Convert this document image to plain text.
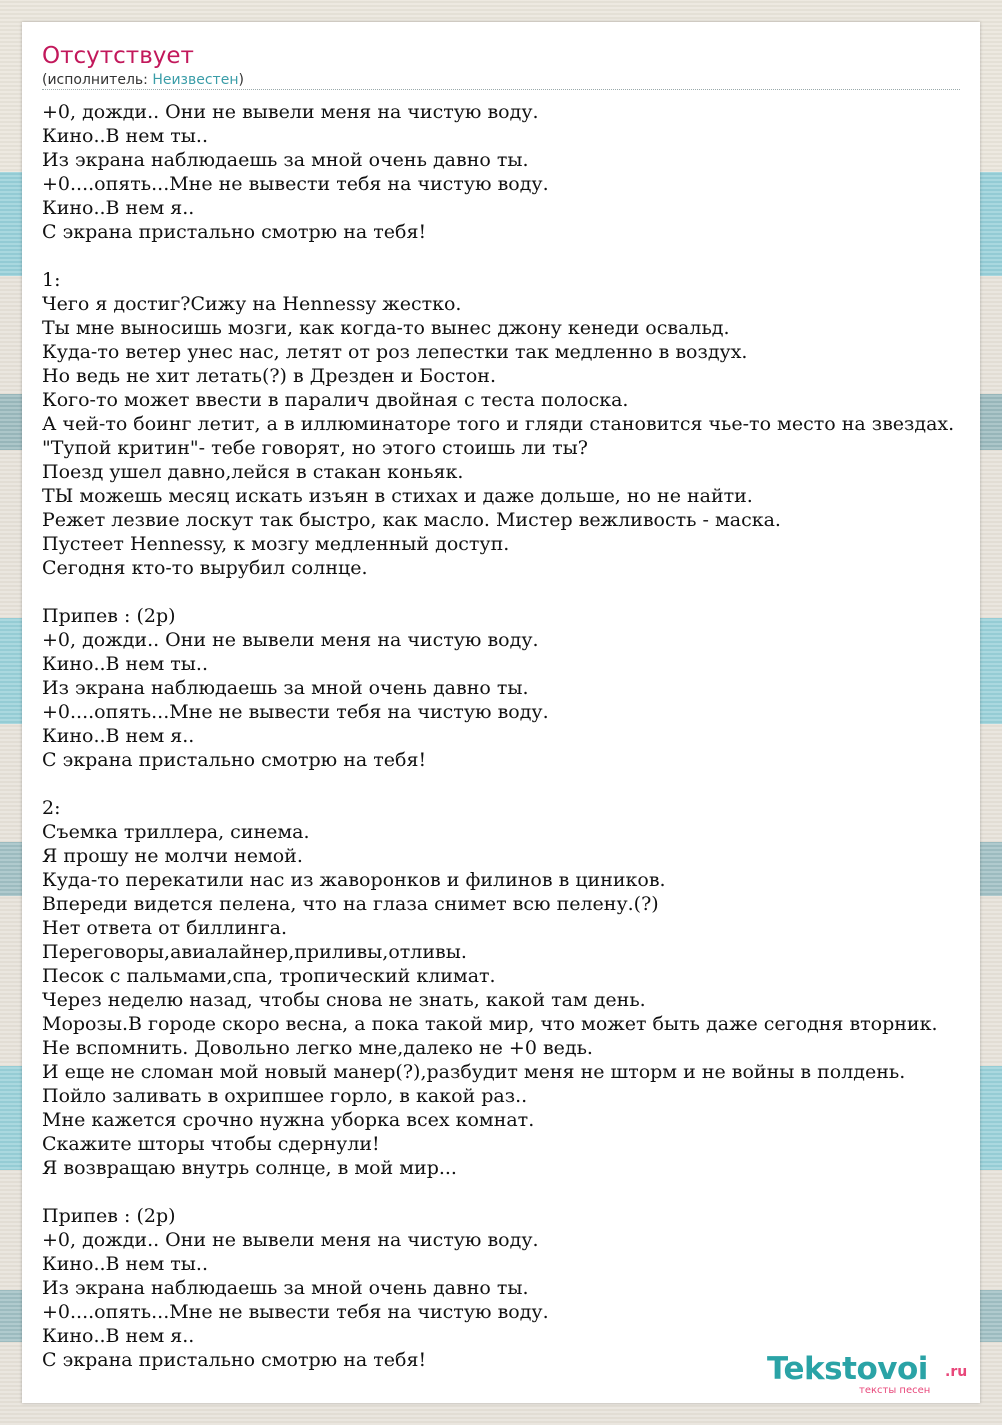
Отсутствует
(исполнитель: Неизвестен)
+0, дожди.. Они не вывели меня на чистую воду.
Кино..В нем ты..
Из экрана наблюдаешь за мной очень давно ты.
+0....опять...Мне не вывести тебя на чистую воду.
Кино..В нем я..
С экрана пристально смотрю на тебя!
1:
Чего я достиг?Сижу на Hennessy жестко.
Ты мне выносишь мозги, как когда-то вынес джону кенеди освальд.
Куда-то ветер унес нас, летят от роз лепестки так медленно в воздух.
Но ведь не хит летать(?) в Дрезден и Бостон.
Кого-то может ввести в паралич двойная с теста полоска.
А чей-то боинг летит, а в иллюминаторе того и гляди становится чье-то место на звездах.
"Тупой критин"- тебе говорят, но этого стоишь ли ты?
Поезд ушел давно,лейся в стакан коньяк.
ТЫ можешь месяц искать изъян в стихах и даже дольше, но не найти.
Режет лезвие лоскут так быстро, как масло. Мистер вежливость - маска.
Пустеет Hennessy, к мозгу медленный доступ.
Сегодня кто-то вырубил солнце.
Припев : (2р)
+0, дожди.. Они не вывели меня на чистую воду.
Кино..В нем ты..
Из экрана наблюдаешь за мной очень давно ты.
+0....опять...Мне не вывести тебя на чистую воду.
Кино..В нем я..
С экрана пристально смотрю на тебя!
2:
Съемка триллера, синема.
Я прошу не молчи немой.
Куда-то перекатили нас из жаворонков и филинов в циников.
Впереди видется пелена, что на глаза снимет всю пелену.(?)
Нет ответа от биллинга.
Переговоры,авиалайнер,приливы,отливы.
Песок с пальмами,спа, тропический климат.
Через неделю назад, чтобы снова не знать, какой там день.
Морозы.В городе скоро весна, а пока такой мир, что может быть даже сегодня вторник.
Не вспомнить. Довольно легко мне,далеко не +0 ведь.
И еще не сломан мой новый манер(?),разбудит меня не шторм и не войны в полдень.
Пойло заливать в охрипшее горло, в какой раз..
Мне кажется срочно нужна уборка всех комнат.
Скажите шторы чтобы сдернули!
Я возвращаю внутрь солнце, в мой мир...
Припев : (2р)
+0, дожди.. Они не вывели меня на чистую воду.
Кино..В нем ты..
Из экрана наблюдаешь за мной очень давно ты.
+0....опять...Мне не вывести тебя на чистую воду.
Кино..В нем я..
С экрана пристально смотрю на тебя!	Tekstovoi .ru
тексты песен
